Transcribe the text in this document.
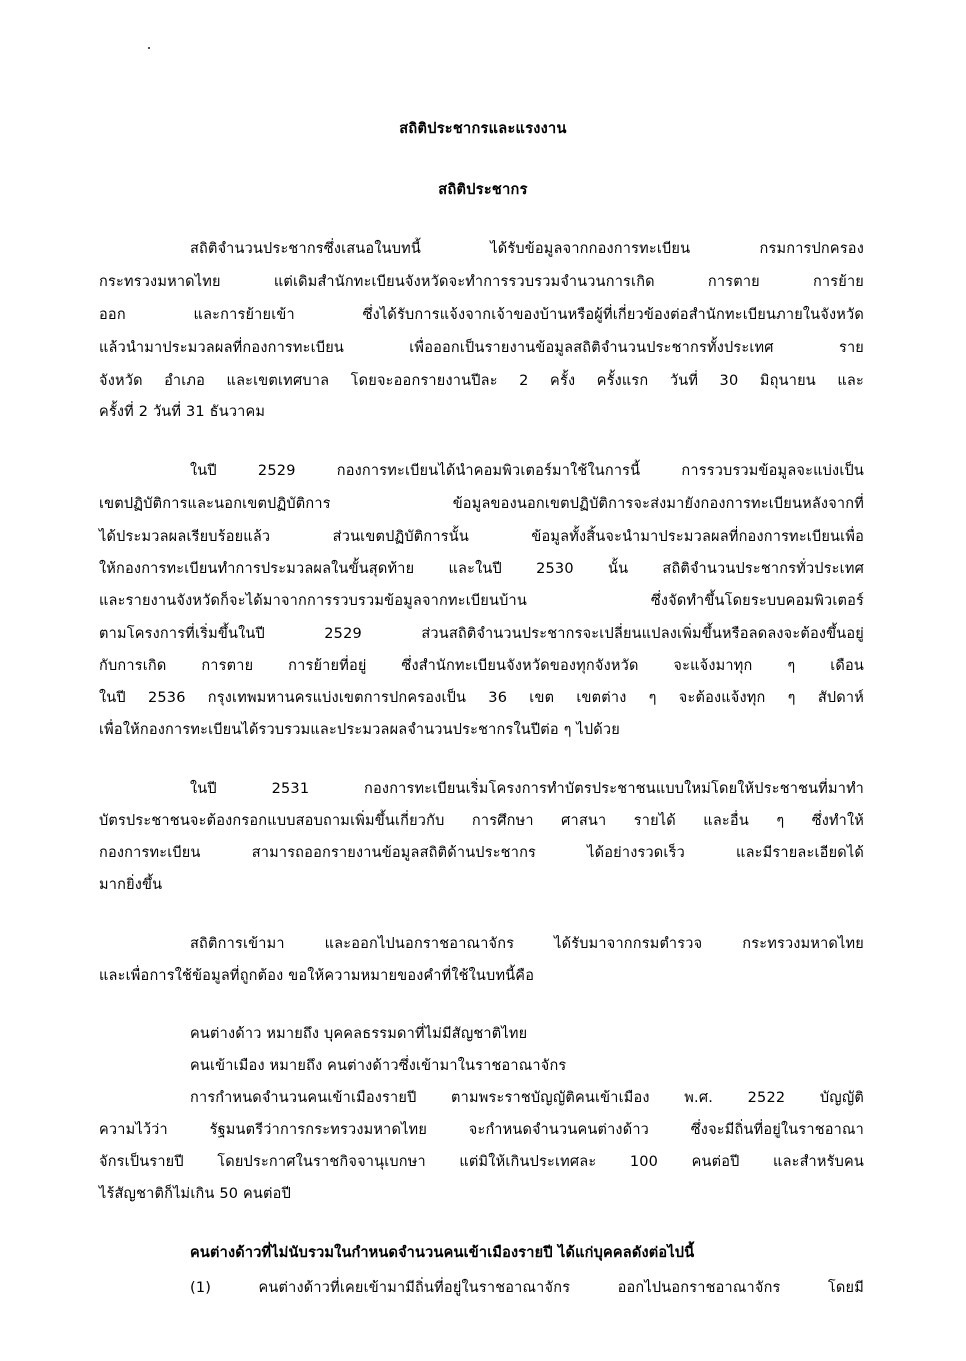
สถิติประชากรและแรงงาน
สถิติประชากร
สถิติจำนวนประชากรซึ่งเสนอในบทนี้ ได้รับข้อมูลจากกองการทะเบียน กรมการปกครอง
กระทรวงมหาดไทย แต่เดิมสำนักทะเบียนจังหวัดจะทำการรวบรวมจำนวนการเกิด การตาย การย้าย
ออก และการย้ายเข้า ซึ่งได้รับการแจ้งจากเจ้าของบ้านหรือผู้ที่เกี่ยวข้องต่อสำนักทะเบียนภายในจังหวัด
แล้วนำมาประมวลผลที่กองการทะเบียน เพื่อออกเป็นรายงานข้อมูลสถิติจำนวนประชากรทั้งประเทศ ราย
จังหวัด อำเภอ และเขตเทศบาล โดยจะออกรายงานปีละ 2 ครั้ง ครั้งแรก วันที่ 30 มิถุนายน และ
ครั้งที่ 2 วันที่ 31 ธันวาคม
ในปี 2529 กองการทะเบียนได้นำคอมพิวเตอร์มาใช้ในการนี้ การรวบรวมข้อมูลจะแบ่งเป็น
เขตปฏิบัติการและนอกเขตปฏิบัติการ ข้อมูลของนอกเขตปฏิบัติการจะส่งมายังกองการทะเบียนหลังจากที่
ได้ประมวลผลเรียบร้อยแล้ว ส่วนเขตปฏิบัติการนั้น ข้อมูลทั้งสิ้นจะนำมาประมวลผลที่กองการทะเบียนเพื่อ
ให้กองการทะเบียนทำการประมวลผลในขั้นสุดท้าย และในปี 2530 นั้น สถิติจำนวนประชากรทั่วประเทศ
และรายงานจังหวัดก็จะได้มาจากการรวบรวมข้อมูลจากทะเบียนบ้าน ซึ่งจัดทำขึ้นโดยระบบคอมพิวเตอร์
ตามโครงการที่เริ่มขึ้นในปี 2529 ส่วนสถิติจำนวนประชากรจะเปลี่ยนแปลงเพิ่มขึ้นหรือลดลงจะต้องขึ้นอยู่
กับการเกิด การตาย การย้ายที่อยู่ ซึ่งสำนักทะเบียนจังหวัดของทุกจังหวัด จะแจ้งมาทุก ๆ เดือน
ในปี 2536 กรุงเทพมหานครแบ่งเขตการปกครองเป็น 36 เขต เขตต่าง ๆ จะต้องแจ้งทุก ๆ สัปดาห์
เพื่อให้กองการทะเบียนได้รวบรวมและประมวลผลจำนวนประชากรในปีต่อ ๆ ไปด้วย
ในปี 2531 กองการทะเบียนเริ่มโครงการทำบัตรประชาชนแบบใหม่โดยให้ประชาชนที่มาทำ
บัตรประชาชนจะต้องกรอกแบบสอบถามเพิ่มขึ้นเกี่ยวกับ การศึกษา ศาสนา รายได้ และอื่น ๆ ซึ่งทำให้
กองการทะเบียน สามารถออกรายงานข้อมูลสถิติด้านประชากร ได้อย่างรวดเร็ว และมีรายละเอียดได้
มากยิ่งขึ้น
สถิติการเข้ามา และออกไปนอกราชอาณาจักร ได้รับมาจากกรมตำรวจ กระทรวงมหาดไทย
และเพื่อการใช้ข้อมูลที่ถูกต้อง ขอให้ความหมายของคำที่ใช้ในบทนี้คือ
คนต่างด้าว หมายถึง บุคคลธรรมดาที่ไม่มีสัญชาติไทย
คนเข้าเมือง หมายถึง คนต่างด้าวซึ่งเข้ามาในราชอาณาจักร
การกำหนดจำนวนคนเข้าเมืองรายปี ตามพระราชบัญญัติคนเข้าเมือง พ.ศ. 2522 บัญญัติ
ความไว้ว่า รัฐมนตรีว่าการกระทรวงมหาดไทย จะกำหนดจำนวนคนต่างด้าว ซึ่งจะมีถิ่นที่อยู่ในราชอาณา
จักรเป็นรายปี โดยประกาศในราชกิจจานุเบกษา แต่มิให้เกินประเทศละ 100 คนต่อปี และสำหรับคน
ไร้สัญชาติก็ไม่เกิน 50 คนต่อปี
คนต่างด้าวที่ไม่นับรวมในกำหนดจำนวนคนเข้าเมืองรายปี ได้แก่บุคคลดังต่อไปนี้
(1) คนต่างด้าวที่เคยเข้ามามีถิ่นที่อยู่ในราชอาณาจักร ออกไปนอกราชอาณาจักร โดยมี
